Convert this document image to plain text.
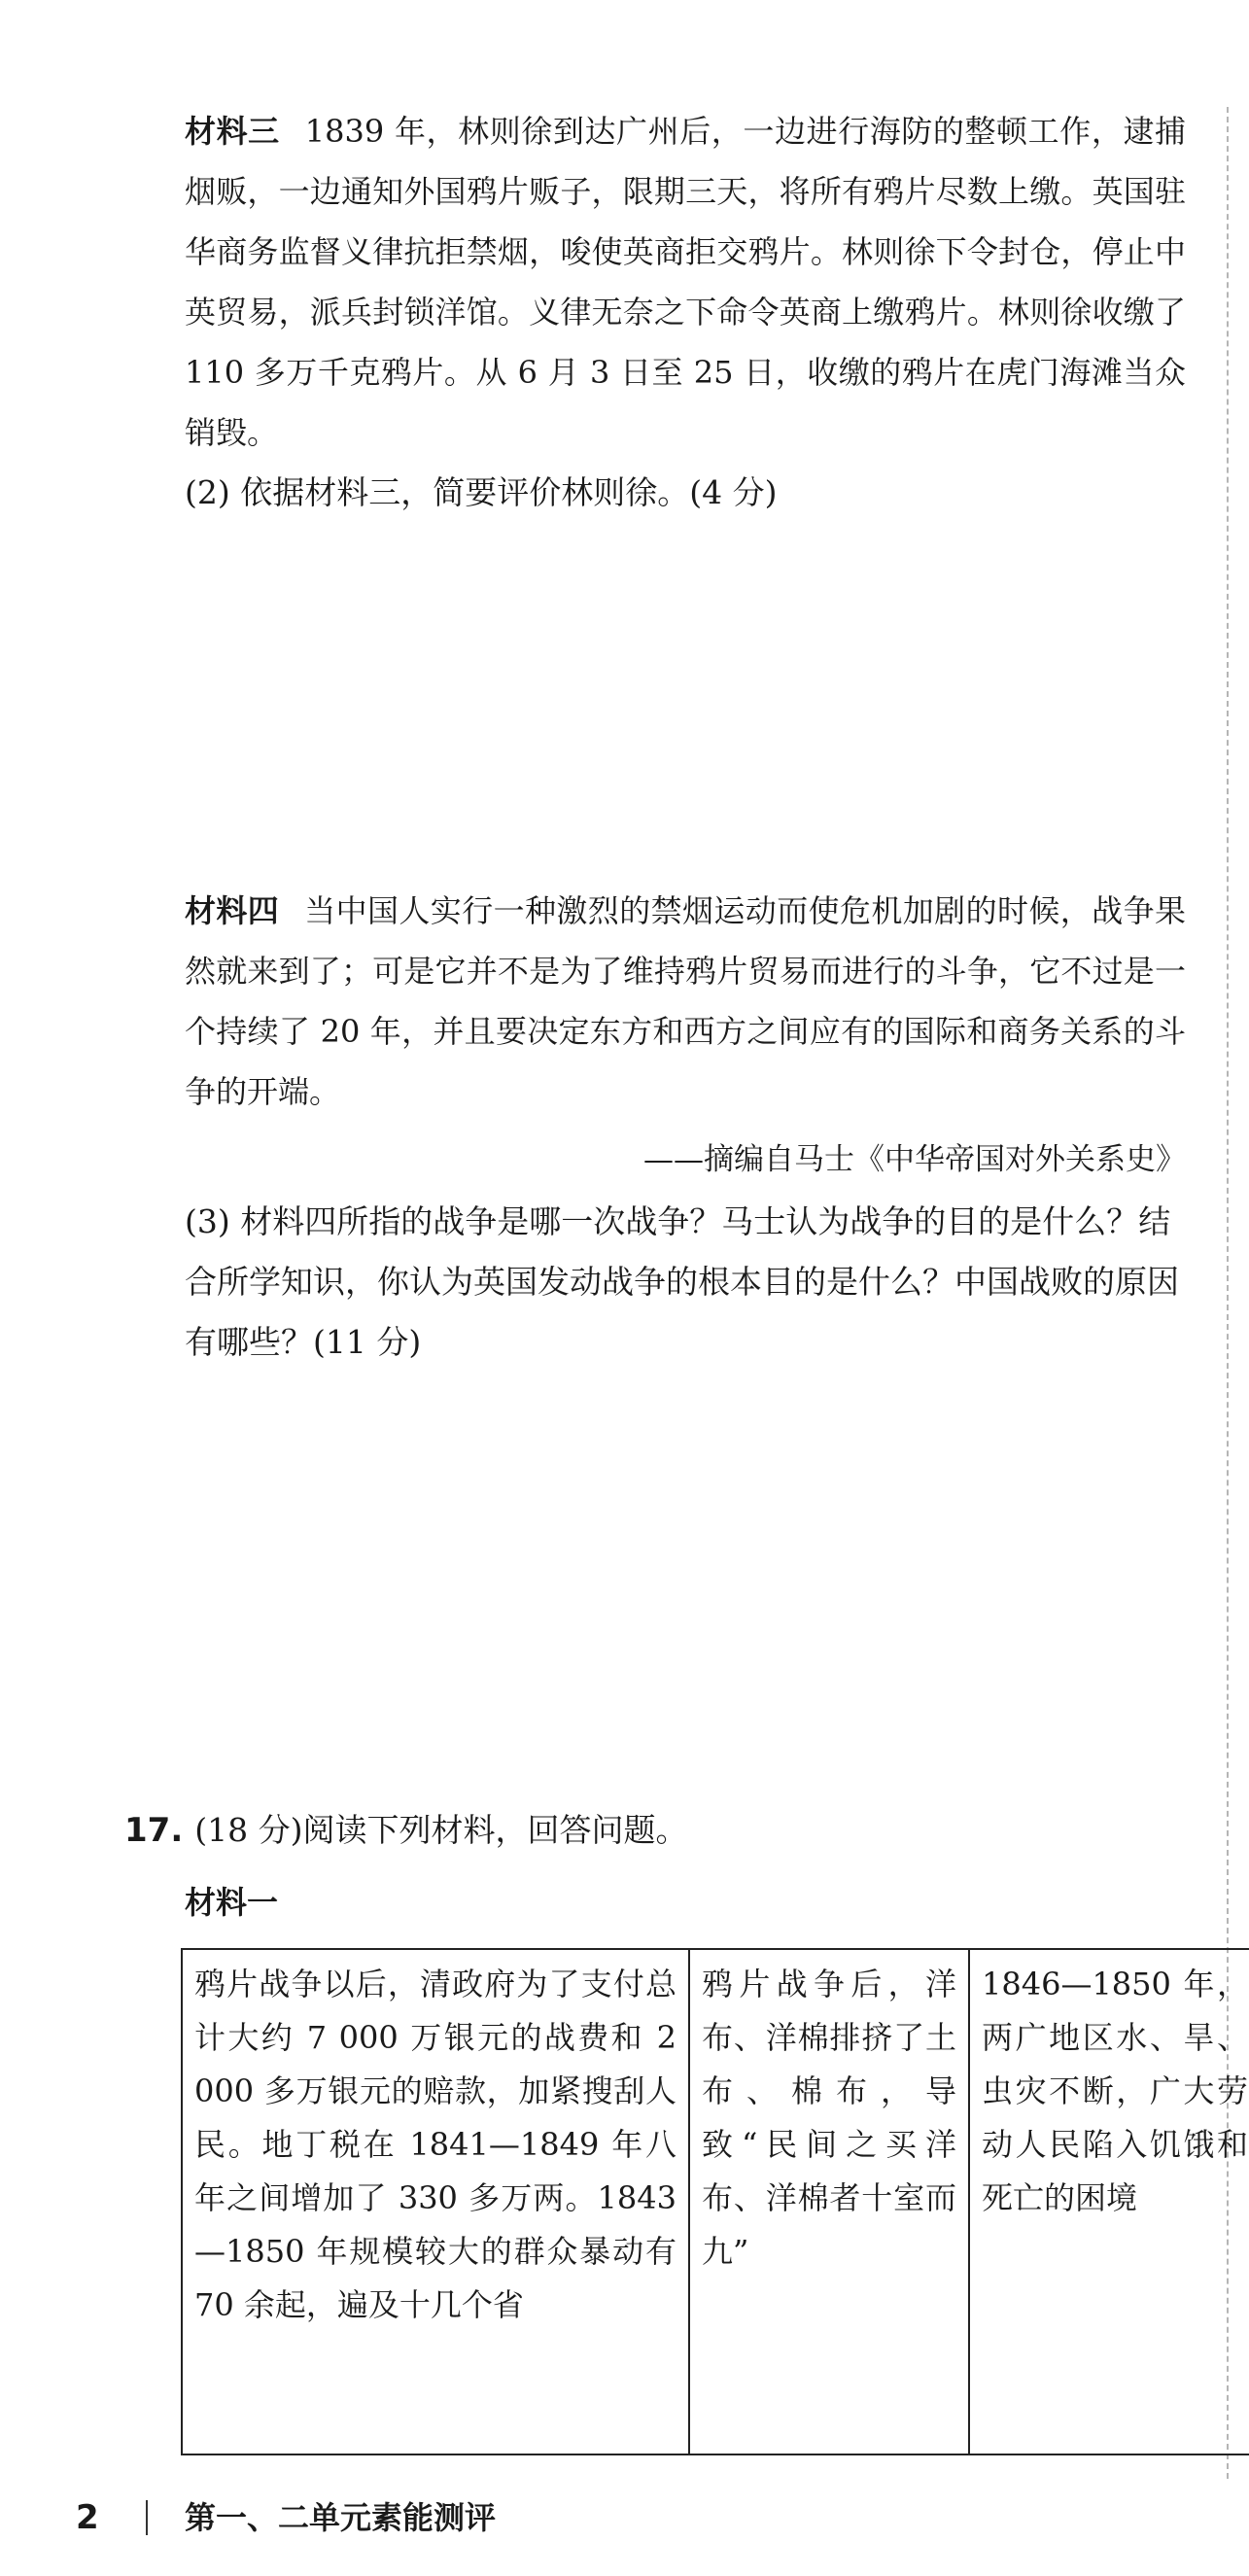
材料三 1839 年，林则徐到达广州后，一边进行海防的整顿工作，逮捕烟贩，一边通知外国鸦片贩子，限期三天，将所有鸦片尽数上缴。英国驻华商务监督义律抗拒禁烟，唆使英商拒交鸦片。林则徐下令封仓，停止中英贸易，派兵封锁洋馆。义律无奈之下命令英商上缴鸦片。林则徐收缴了 110 多万千克鸦片。从 6 月 3 日至 25 日，收缴的鸦片在虎门海滩当众销毁。

(2) 依据材料三，简要评价林则徐。(4 分)

材料四 当中国人实行一种激烈的禁烟运动而使危机加剧的时候，战争果然就来到了；可是它并不是为了维持鸦片贸易而进行的斗争，它不过是一个持续了 20 年，并且要决定东方和西方之间应有的国际和商务关系的斗争的开端。

——摘编自马士《中华帝国对外关系史》

(3) 材料四所指的战争是哪一次战争？马士认为战争的目的是什么？结合所学知识，你认为英国发动战争的根本目的是什么？中国战败的原因有哪些？(11 分)

17. (18 分)阅读下列材料，回答问题。

材料一

鸦片战争以后，清政府为了支付总计大约 7 000 万银元的战费和 2 000 多万银元的赔款，加紧搜刮人民。地丁税在 1841—1849 年八年之间增加了 330 多万两。1843—1850 年规模较大的群众暴动有 70 余起，遍及十几个省	鸦片战争后，洋布、洋棉排挤了土布、棉布，导致“民间之买洋布、洋棉者十室而九”	1846—1850 年，两广地区水、旱、虫灾不断，广大劳动人民陷入饥饿和死亡的困境

2	第一、二单元素能测评
